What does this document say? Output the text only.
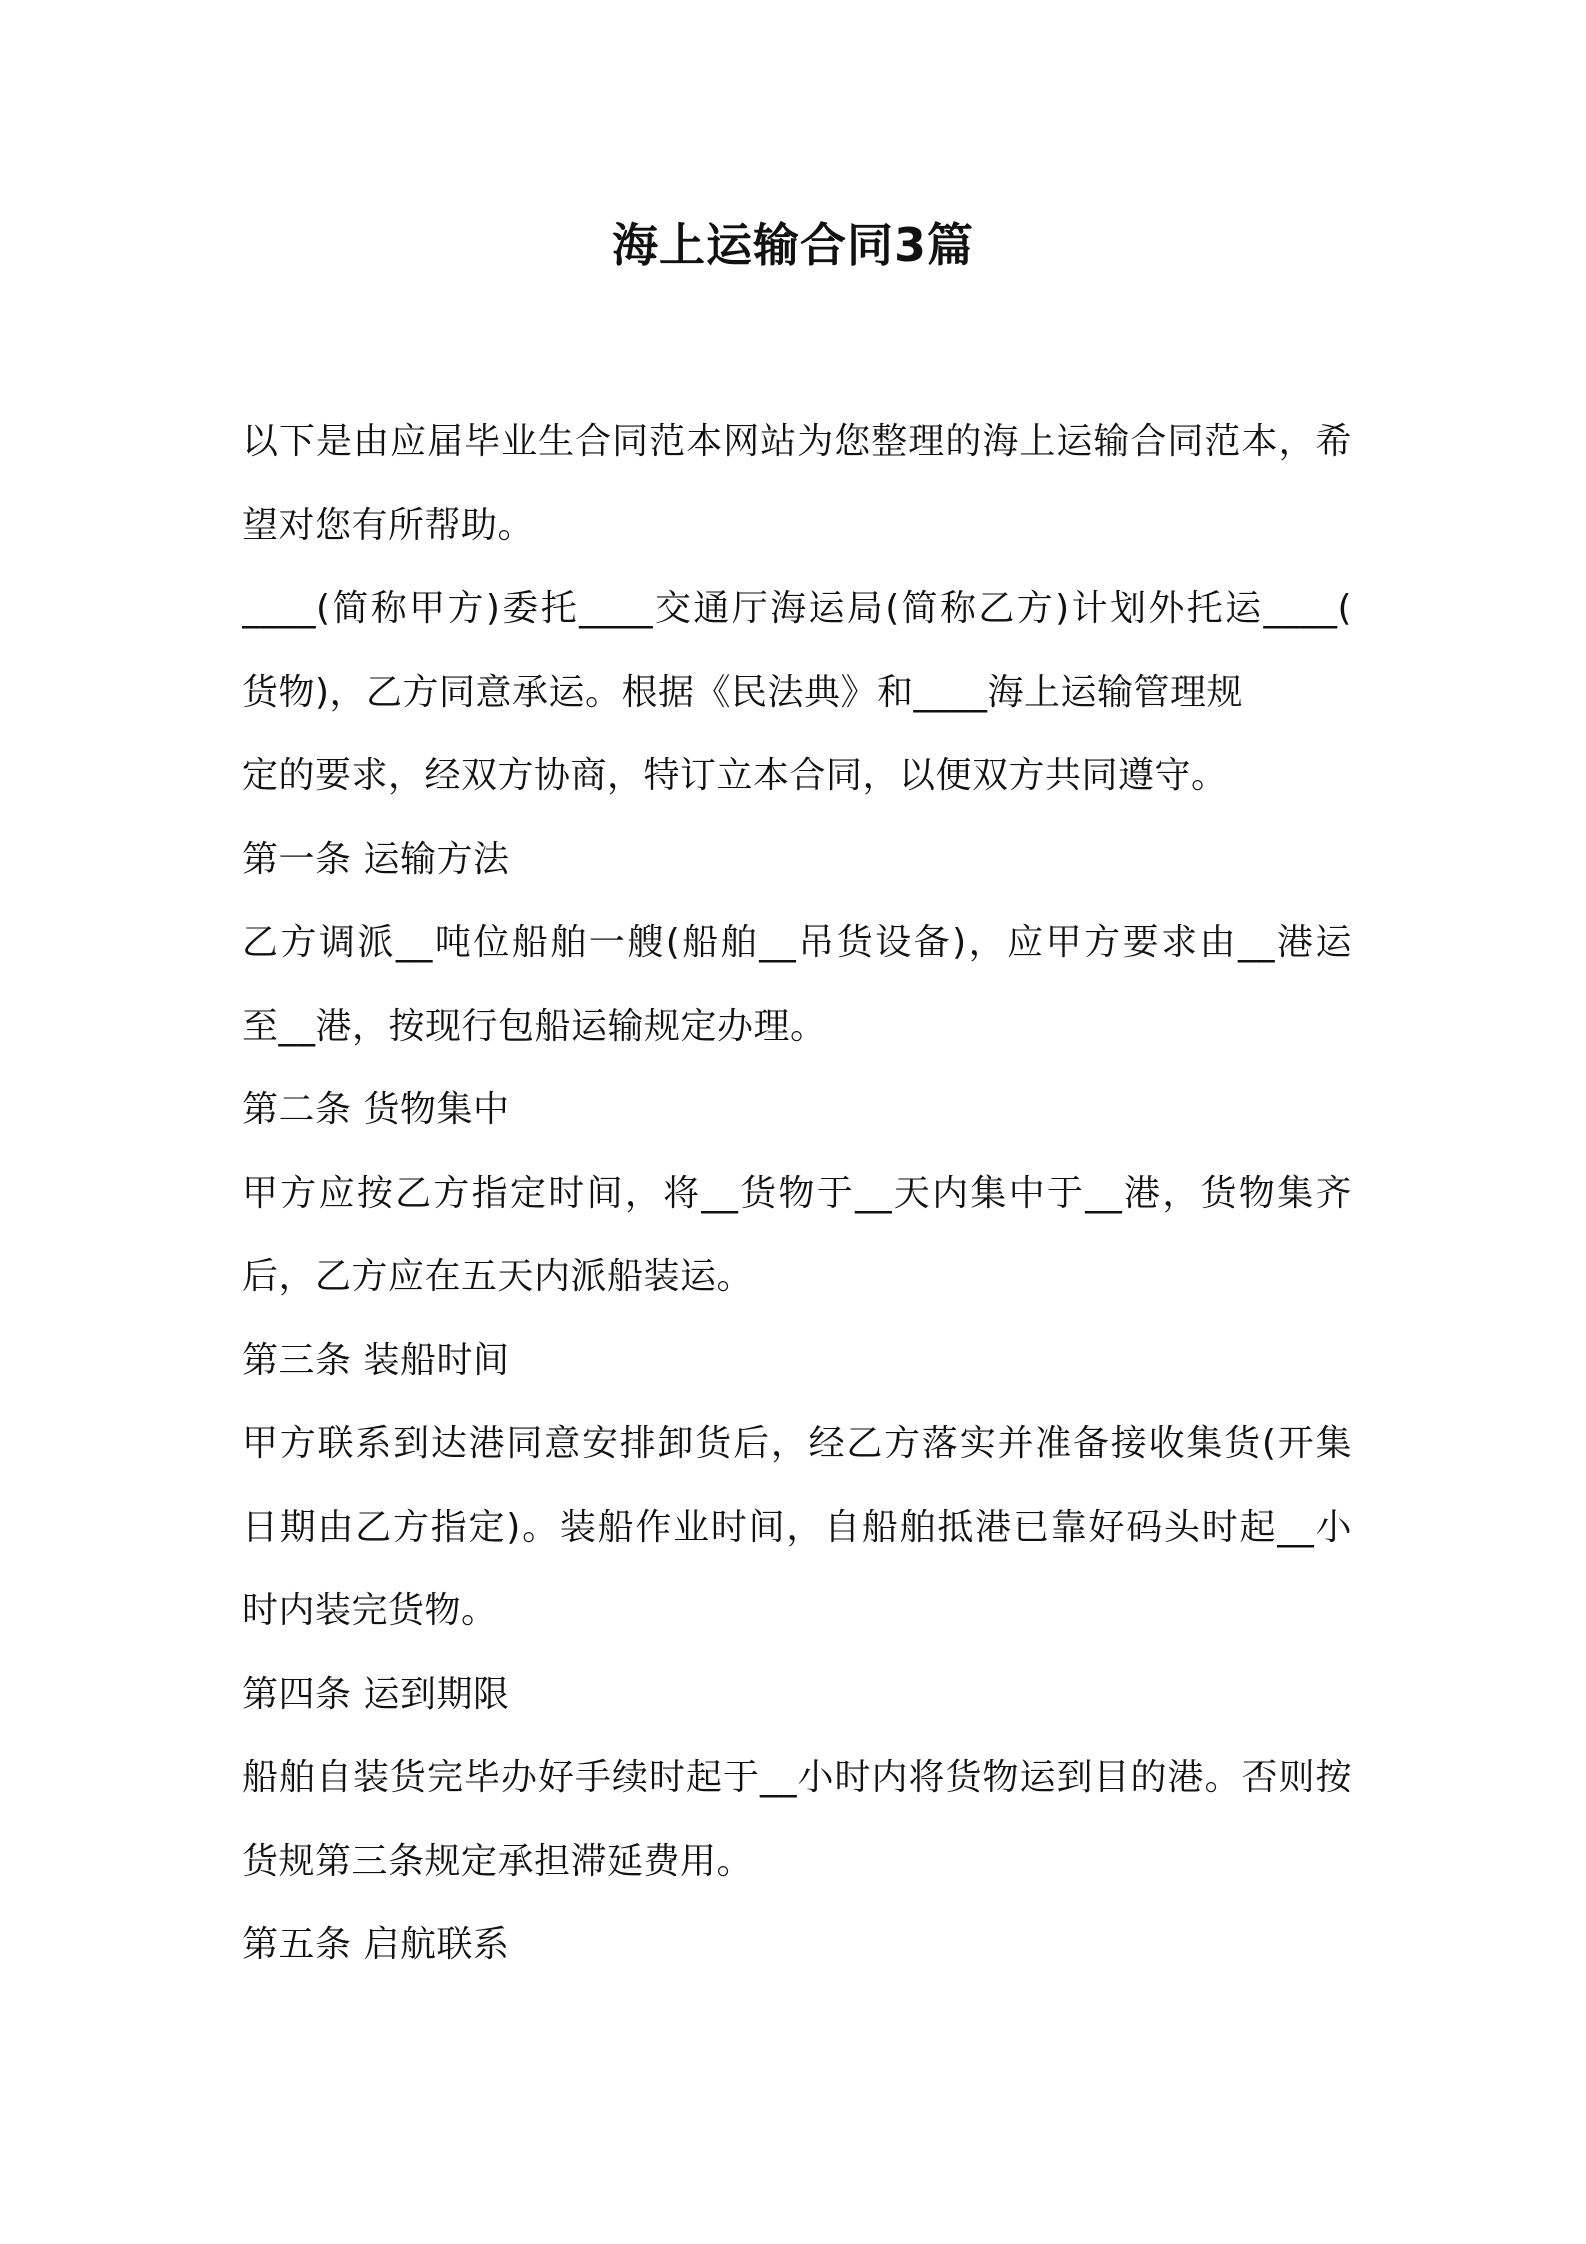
海上运输合同3篇
以下是由应届毕业生合同范本网站为您整理的海上运输合同范本，希
望对您有所帮助。
____(简称甲方)委托____交通厅海运局(简称乙方)计划外托运____(
货物)，乙方同意承运。根据《民法典》和____海上运输管理规
定的要求，经双方协商，特订立本合同，以便双方共同遵守。
第一条 运输方法
乙方调派__吨位船舶一艘(船舶__吊货设备)，应甲方要求由__港运
至__港，按现行包船运输规定办理。
第二条 货物集中
甲方应按乙方指定时间，将__货物于__天内集中于__港，货物集齐
后，乙方应在五天内派船装运。
第三条 装船时间
甲方联系到达港同意安排卸货后，经乙方落实并准备接收集货(开集
日期由乙方指定)。装船作业时间，自船舶抵港已靠好码头时起__小
时内装完货物。
第四条 运到期限
船舶自装货完毕办好手续时起于__小时内将货物运到目的港。否则按
货规第三条规定承担滞延费用。
第五条 启航联系
